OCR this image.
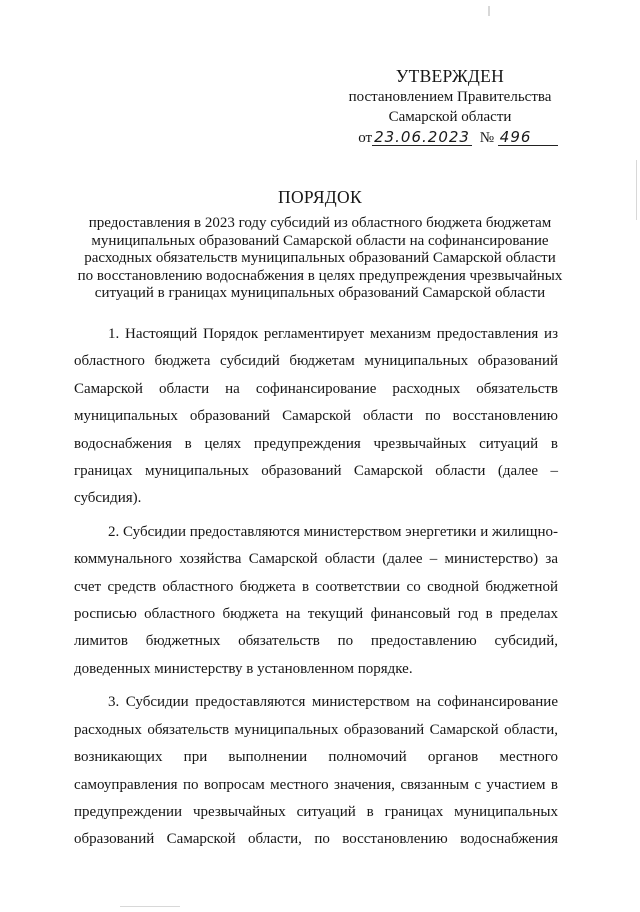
УТВЕРЖДЕН
постановлением Правительства
Самарской области
от 23.06.2023 № 496
ПОРЯДОК
предоставления в 2023 году субсидий из областного бюджета бюджетам
муниципальных образований Самарской области на софинансирование
расходных обязательств муниципальных образований Самарской области
по восстановлению водоснабжения в целях предупреждения чрезвычайных
ситуаций в границах муниципальных образований Самарской области

1. Настоящий Порядок регламентирует механизм предоставления из областного бюджета субсидий бюджетам муниципальных образований Самарской области на софинансирование расходных обязательств муниципальных образований Самарской области по восстановлению водоснабжения в целях предупреждения чрезвычайных ситуаций в границах муниципальных образований Самарской области (далее – субсидия).

2. Субсидии предоставляются министерством энергетики и жилищно-коммунального хозяйства Самарской области (далее – министерство) за счет средств областного бюджета в соответствии со сводной бюджетной росписью областного бюджета на текущий финансовый год в пределах лимитов бюджетных обязательств по предоставлению субсидий, доведенных министерству в установленном порядке.

3. Субсидии предоставляются министерством на софинансирование расходных обязательств муниципальных образований Самарской области, возникающих при выполнении полномочий органов местного самоуправления по вопросам местного значения, связанным с участием в предупреждении чрезвычайных ситуаций в границах муниципальных образований Самарской области, по восстановлению водоснабжения
